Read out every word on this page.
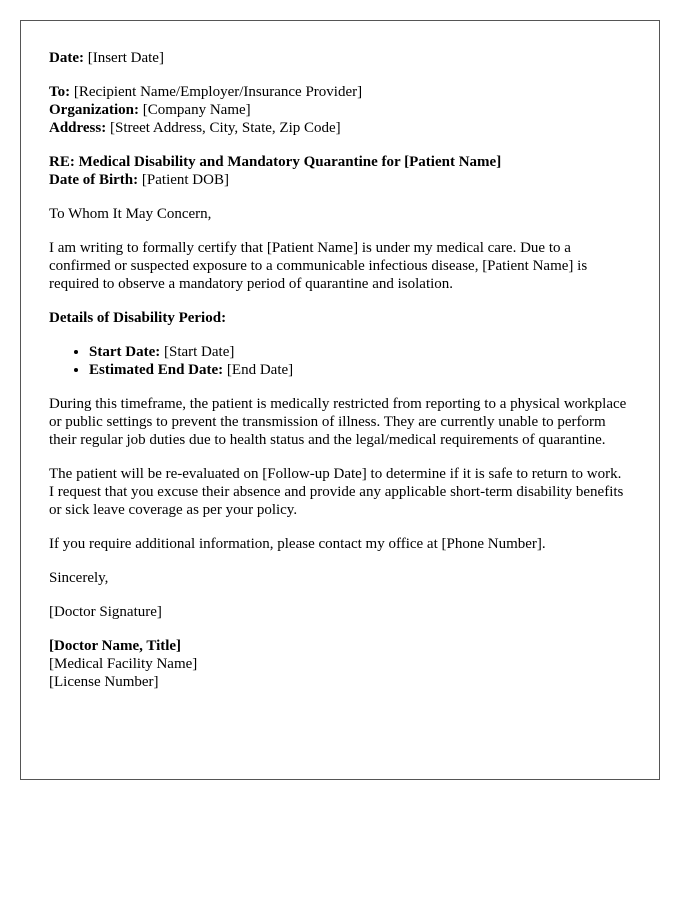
Date: [Insert Date]

To: [Recipient Name/Employer/Insurance Provider]
Organization: [Company Name]
Address: [Street Address, City, State, Zip Code]

RE: Medical Disability and Mandatory Quarantine for [Patient Name]
Date of Birth: [Patient DOB]

To Whom It May Concern,

I am writing to formally certify that [Patient Name] is under my medical care. Due to a confirmed or suspected exposure to a communicable infectious disease, [Patient Name] is required to observe a mandatory period of quarantine and isolation.

Details of Disability Period:

• Start Date: [Start Date]
• Estimated End Date: [End Date]

During this timeframe, the patient is medically restricted from reporting to a physical workplace or public settings to prevent the transmission of illness. They are currently unable to perform their regular job duties due to health status and the legal/medical requirements of quarantine.

The patient will be re-evaluated on [Follow-up Date] to determine if it is safe to return to work. I request that you excuse their absence and provide any applicable short-term disability benefits or sick leave coverage as per your policy.

If you require additional information, please contact my office at [Phone Number].

Sincerely,

[Doctor Signature]

[Doctor Name, Title]
[Medical Facility Name]
[License Number]
